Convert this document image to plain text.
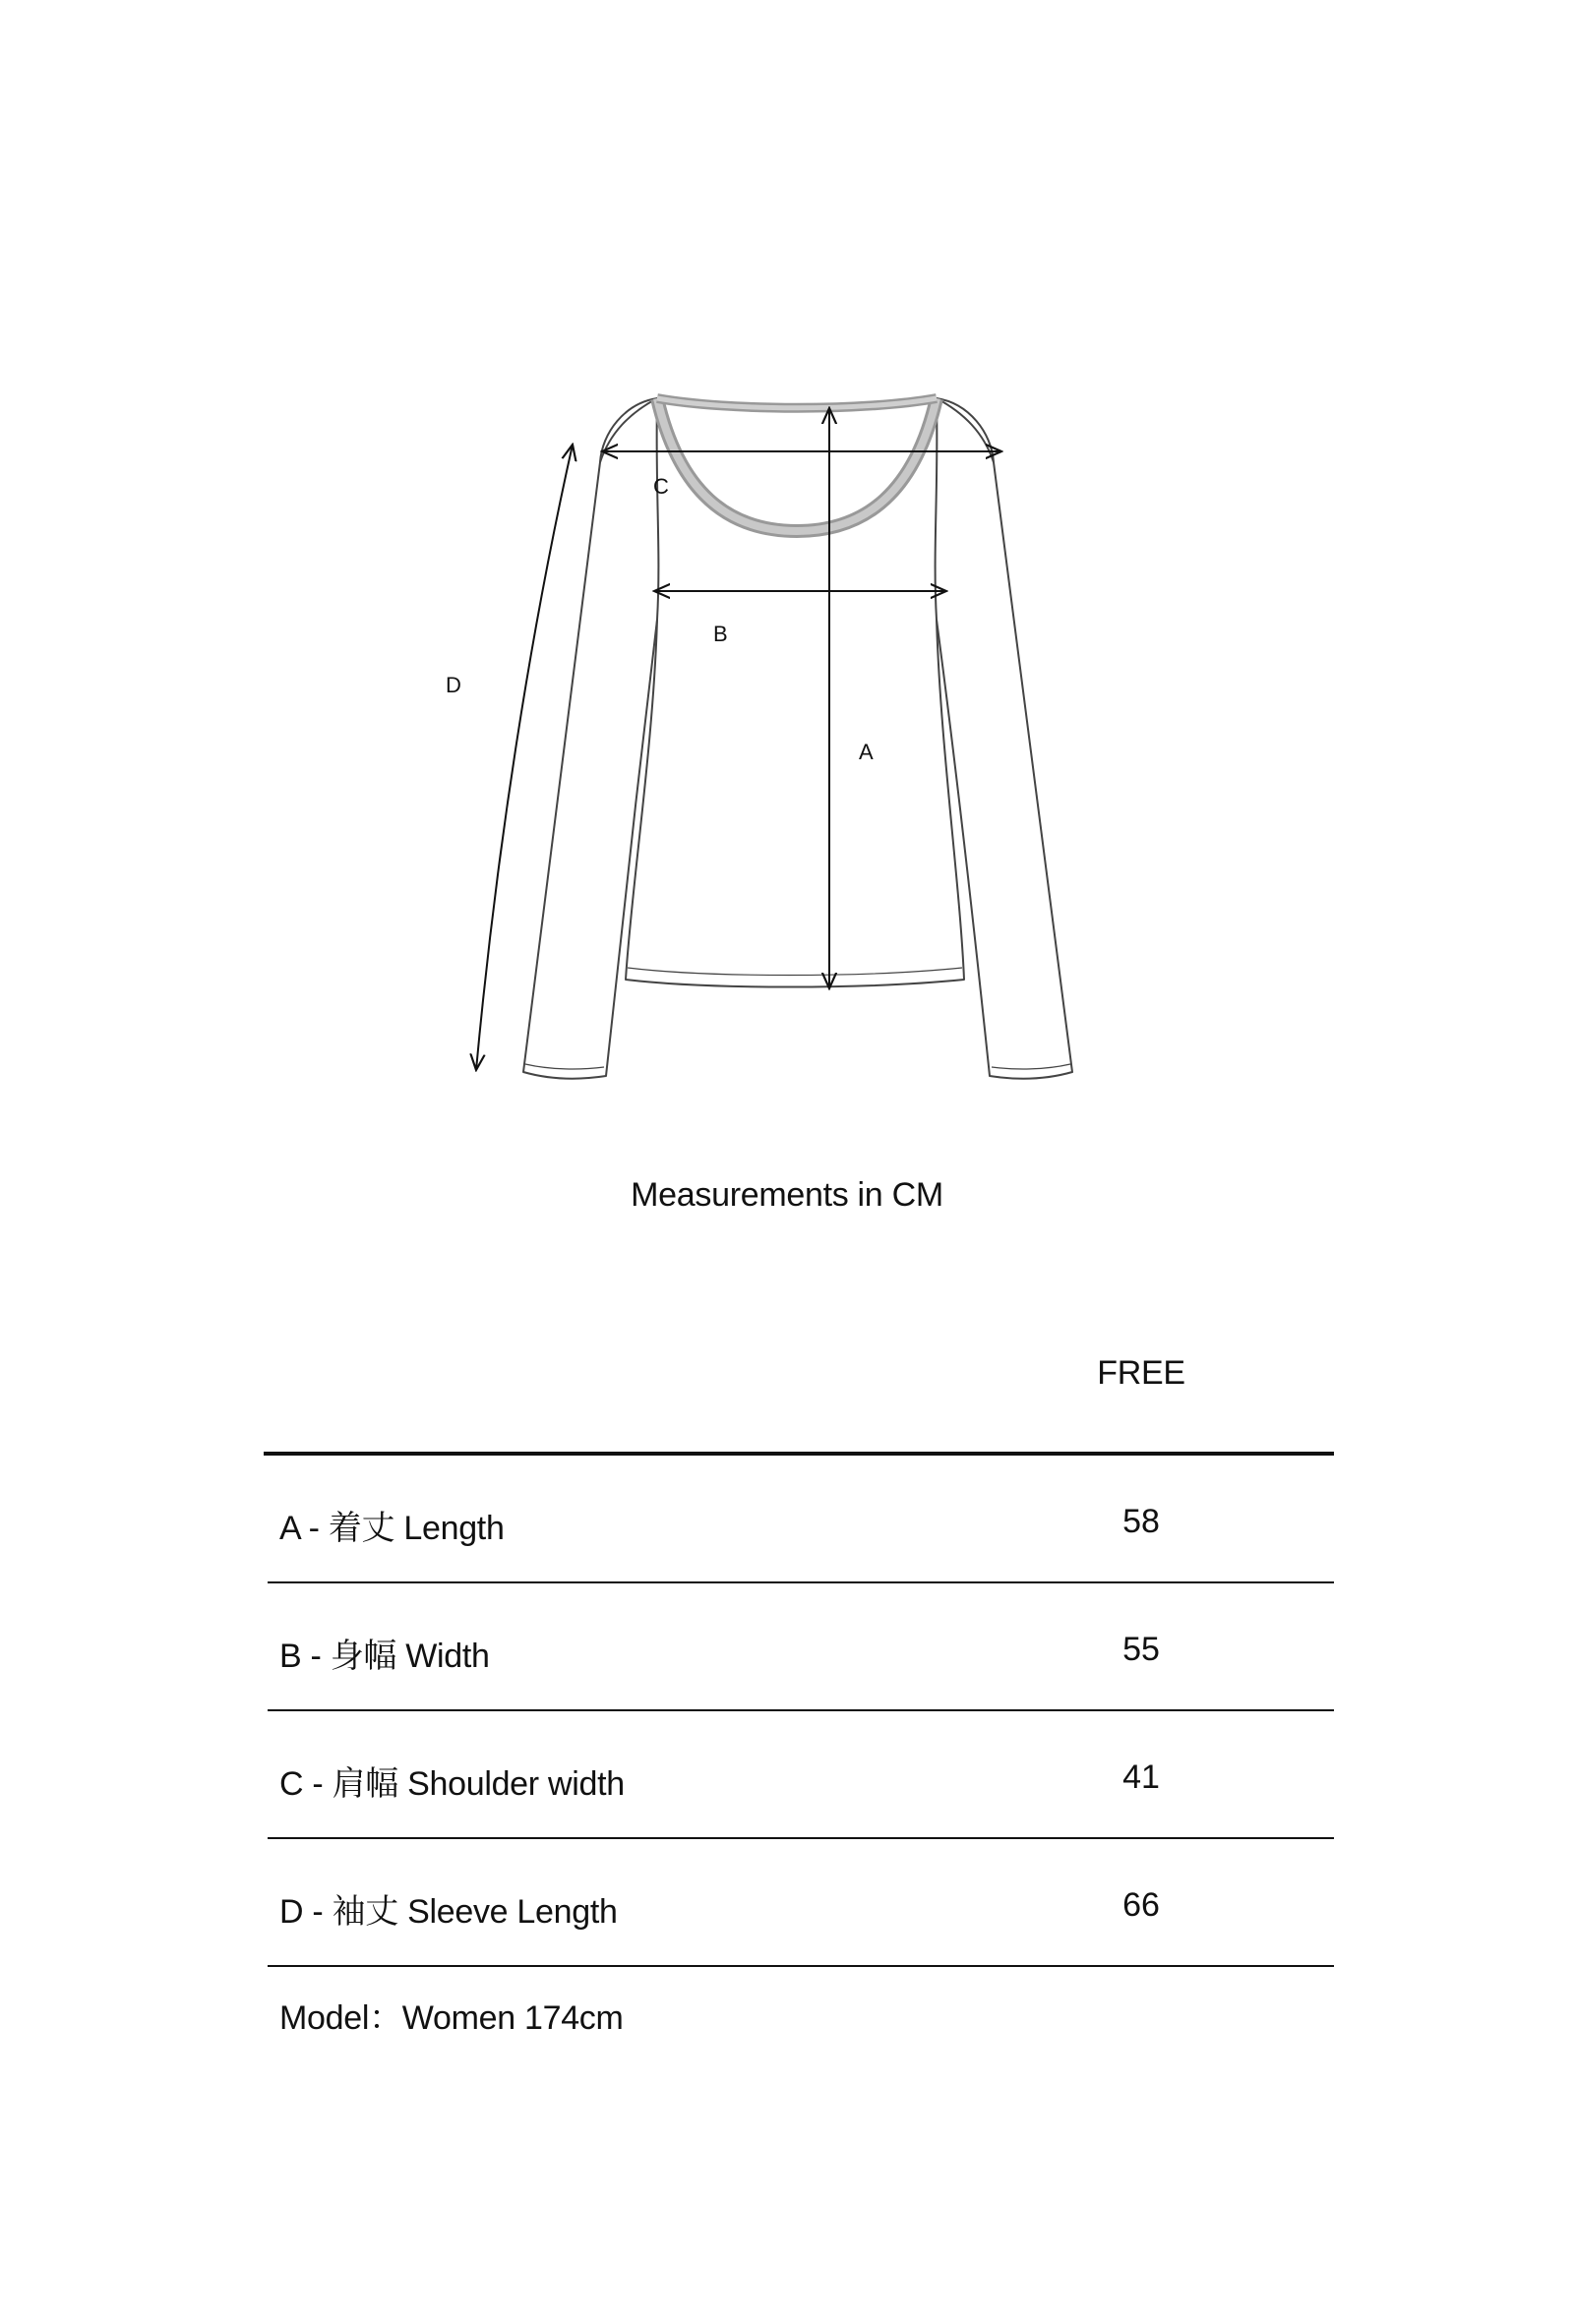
A
B
C
D
Measurements in CM
FREE
A - 着丈 Length	58
B - 身幅 Width	55
C - 肩幅 Shoulder width	41
D - 袖丈 Sleeve Length	66
Model：Women 174cm
